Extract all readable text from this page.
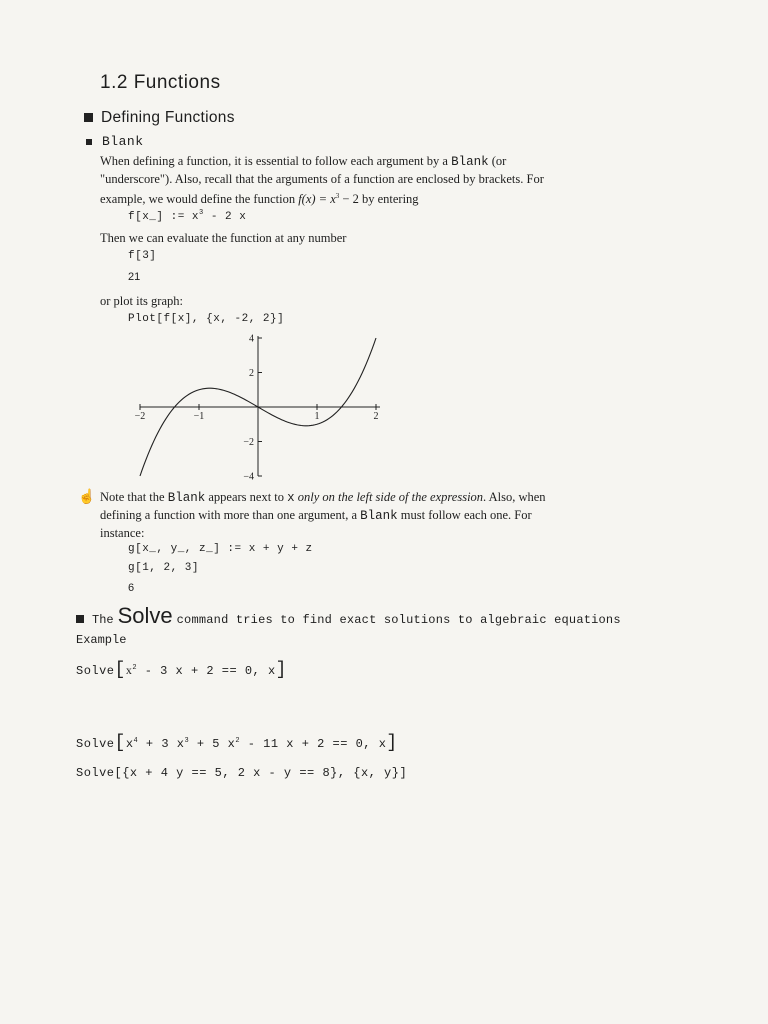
1.2 Functions
Defining Functions
Blank
When defining a function, it is essential to follow each argument by a Blank (or
"underscore"). Also, recall that the arguments of a function are enclosed by brackets. For
example, we would define the function $f(x) = x^3 - 2$ by entering
f[x_] := $x^3 - 2$ x
Then we can evaluate the function at any number
f[3]
21
or plot its graph:
Plot[f[x], {x, -2, 2}]
−2	−1	1	2
4
2
−2
−4
☝ Note that the Blank appears next to x only on the left side of the expression. Also, when
defining a function with more than one argument, a Blank must follow each one. For
instance:
g[x_, y_, z_] := x + y + z
g[1, 2, 3]
6
The Solve command tries to find exact solutions to algebraic equations
Example
$Solve[x^2 - 3$ x + 2 == 0, x]
$Solve[x^4 + 3$ $x^3 + 5$ $x^2 - 11$ x + 2 == 0, x]
Solve[{x + 4 y == 5, 2 x - y == 8}, {x, y}]
